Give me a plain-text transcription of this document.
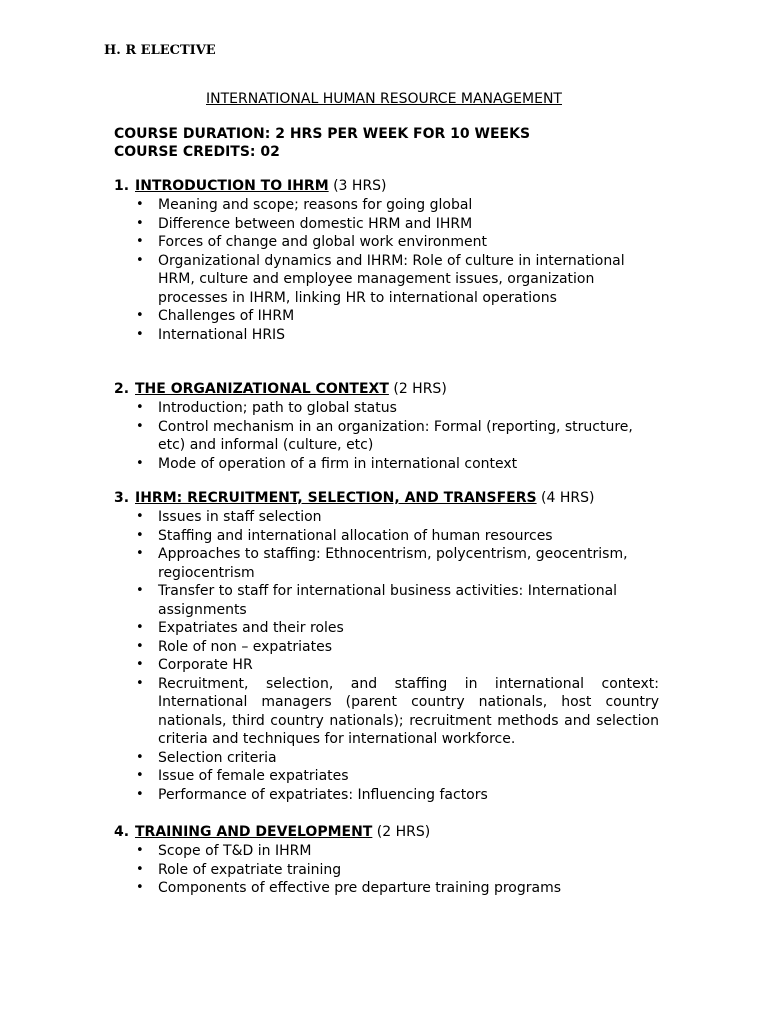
H. R ELECTIVE
INTERNATIONAL HUMAN RESOURCE MANAGEMENT
COURSE DURATION: 2 HRS PER WEEK FOR 10 WEEKS
COURSE CREDITS: 02
1. INTRODUCTION TO IHRM (3 HRS)
• Meaning and scope; reasons for going global
• Difference between domestic HRM and IHRM
• Forces of change and global work environment
• Organizational dynamics and IHRM: Role of culture in international HRM, culture and employee management issues, organization processes in IHRM, linking HR to international operations
• Challenges of IHRM
• International HRIS
2. THE ORGANIZATIONAL CONTEXT (2 HRS)
• Introduction; path to global status
• Control mechanism in an organization: Formal (reporting, structure, etc) and informal (culture, etc)
• Mode of operation of a firm in international context
3. IHRM: RECRUITMENT, SELECTION, AND TRANSFERS (4 HRS)
• Issues in staff selection
• Staffing and international allocation of human resources
• Approaches to staffing: Ethnocentrism, polycentrism, geocentrism, regiocentrism
• Transfer to staff for international business activities: International assignments
• Expatriates and their roles
• Role of non – expatriates
• Corporate HR
• Recruitment, selection, and staffing in international context: International managers (parent country nationals, host country nationals, third country nationals); recruitment methods and selection criteria and techniques for international workforce.
• Selection criteria
• Issue of female expatriates
• Performance of expatriates: Influencing factors
4. TRAINING AND DEVELOPMENT (2 HRS)
• Scope of T&D in IHRM
• Role of expatriate training
• Components of effective pre departure training programs
